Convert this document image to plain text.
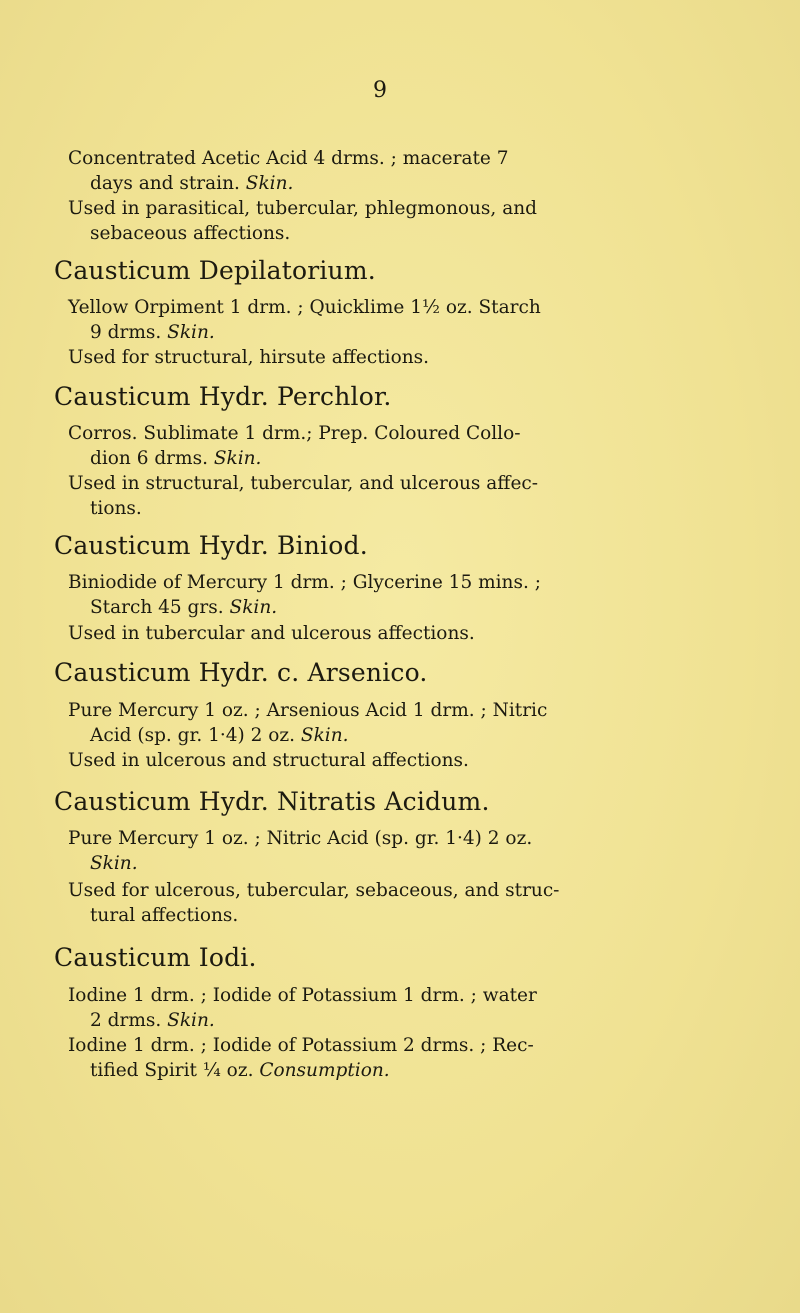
9
Concentrated Acetic Acid 4 drms. ; macerate 7
days and strain. Skin.
Used in parasitical, tubercular, phlegmonous, and
sebaceous affections.
Causticum Depilatorium.
Yellow Orpiment 1 drm. ; Quicklime 1½ oz. Starch
9 drms. Skin.
Used for structural, hirsute affections.
Causticum Hydr. Perchlor.
Corros. Sublimate 1 drm.; Prep. Coloured Collo-
dion 6 drms. Skin.
Used in structural, tubercular, and ulcerous affec-
tions.
Causticum Hydr. Biniod.
Biniodide of Mercury 1 drm. ; Glycerine 15 mins. ;
Starch 45 grs. Skin.
Used in tubercular and ulcerous affections.
Causticum Hydr. c. Arsenico.
Pure Mercury 1 oz. ; Arsenious Acid 1 drm. ; Nitric
Acid (sp. gr. 1·4) 2 oz. Skin.
Used in ulcerous and structural affections.
Causticum Hydr. Nitratis Acidum.
Pure Mercury 1 oz. ; Nitric Acid (sp. gr. 1·4) 2 oz.
Skin.
Used for ulcerous, tubercular, sebaceous, and struc-
tural affections.
Causticum Iodi.
Iodine 1 drm. ; Iodide of Potassium 1 drm. ; water
2 drms. Skin.
Iodine 1 drm. ; Iodide of Potassium 2 drms. ; Rec-
tified Spirit ¼ oz. Consumption.
